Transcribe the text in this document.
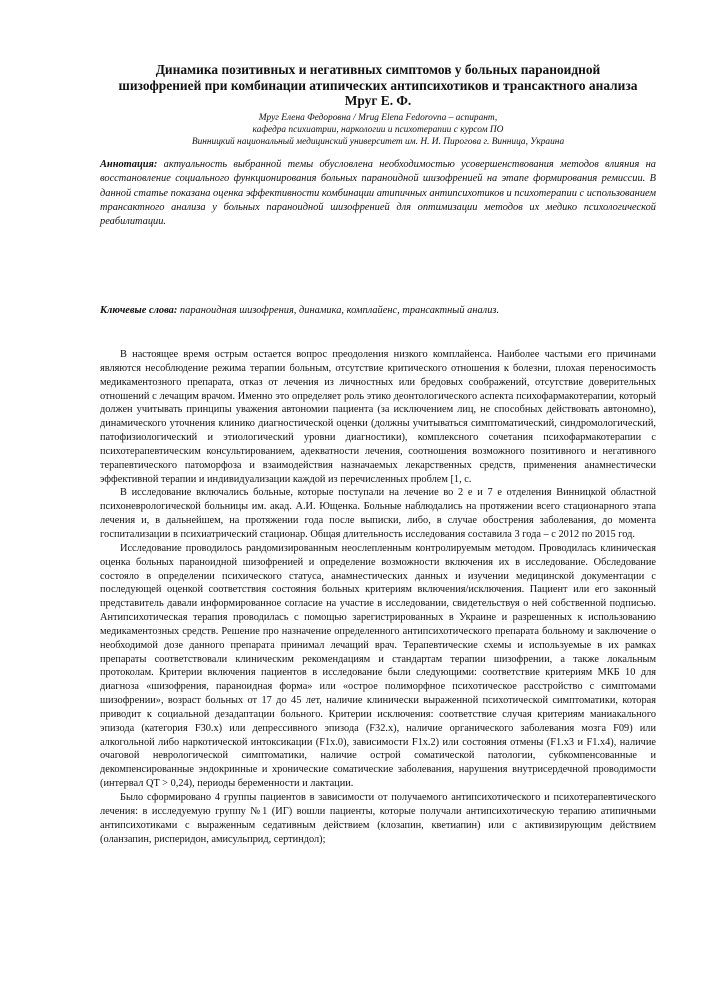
Динамика позитивных и негативных симптомов у больных параноидной
шизофренией при комбинации атипических антипсихотиков и трансактного анализа
Мруг Е. Ф.
Мруг Елена Федоровна / Mrug Elena Fedorovna – аспирант,
кафедра психиатрии, наркологии и психотерапии с курсом ПО
Винницкий национальный медицинский университет им. Н. И. Пирогова г. Винница, Украина
Аннотация: актуальность выбранной темы обусловлена необходимостью усовершенствования методов влияния на восстановление социального функционирования больных параноидной шизофренией на этапе формирования ремиссии. В данной статье показана оценка эффективности комбинации атипичных антипсихотиков и психотерапии с использованием трансактного анализа у больных параноидной шизофренией для оптимизации методов их медико психологической реабилитации.
Ключевые слова: параноидная шизофрения, динамика, комплайенс, трансактный анализ.

В настоящее время острым остается вопрос преодоления низкого комплайенса. Наиболее частыми его причинами являются несоблюдение режима терапии больным, отсутствие критического отношения к болезни, плохая переносимость медикаментозного препарата, отказ от лечения из личностных или бредовых соображений, отсутствие доверительных отношений с лечащим врачом. Именно это определяет роль этико деонтологического аспекта психофармакотерапии, который должен учитывать принципы уважения автономии пациента (за исключением лиц, не способных действовать автономно), динамического уточнения клинико диагностической оценки (должны учитываться симптоматический, синдромологический, патофизиологический и этиологический уровни диагностики), комплексного сочетания психофармакотерапии с психотерапевтическим консультированием, адекватности лечения, соотношения возможного позитивного и негативного терапевтического патоморфоза и взаимодействия назначаемых лекарственных средств, применения анамнестически эффективной терапии и индивидуализации каждой из перечисленных проблем [1, с.

В исследование включались больные, которые поступали на лечение во 2 е и 7 е отделения Винницкой областной психоневрологической больницы им. акад. А.И. Ющенка. Больные наблюдались на протяжении всего стационарного этапа лечения и, в дальнейшем, на протяжении года после выписки, либо, в случае обострения заболевания, до момента госпитализации в психиатрический стационар. Общая длительность исследования составила 3 года – с 2012 по 2015 год.

Исследование проводилось рандомизированным неослепленным контролируемым методом. Проводилась клиническая оценка больных параноидной шизофренией и определение возможности включения их в исследование. Обследование состояло в определении психического статуса, анамнестических данных и изучении медицинской документации с последующей оценкой соответствия состояния больных критериям включения/исключения. Пациент или его законный представитель давали информированное согласие на участие в исследовании, свидетельствуя о ней собственной подписью. Антипсихотическая терапия проводилась с помощью зарегистрированных в Украине и разрешенных к использованию медикаментозных средств. Решение про назначение определенного антипсихотического препарата больному и заключение о необходимой дозе данного препарата принимал лечащий врач. Терапевтические схемы и используемые в их рамках препараты соответствовали клиническим рекомендациям и стандартам терапии шизофрении, а также локальным протоколам. Критерии включения пациентов в исследование были следующими: соответствие критериям МКБ 10 для диагноза «шизофрения, параноидная форма» или «острое полиморфное психотическое расстройство с симптомами шизофрении», возраст больных от 17 до 45 лет, наличие клинически выраженной психотической симптоматики, которая приводит к социальной дезадаптации больного. Критерии исключения: соответствие случая критериям маниакального эпизода (категория F30.x) или депрессивного эпизода (F32.x), наличие органического заболевания мозга F09) или алкогольной либо наркотической интоксикации (F1x.0), зависимости F1x.2) или состояния отмены (F1.x3 и F1.x4), наличие очаговой неврологической симптоматики, наличие острой соматической патологии, субкомпенсованные и декомпенсированные эндокринные и хронические соматические заболевания, нарушения внутрисердечной проводимости (интервал QT > 0,24), периоды беременности и лактации.

Было сформировано 4 группы пациентов в зависимости от получаемого антипсихотического и психотерапевтического лечения: в исследуемую группу №1 (ИГ) вошли пациенты, которые получали антипсихотическую терапию атипичными антипсихотиками с выраженным седативным действием (клозапин, кветиапин) или с активизирующим действием (оланзапин, рисперидон, амисульприд, сертиндол);
